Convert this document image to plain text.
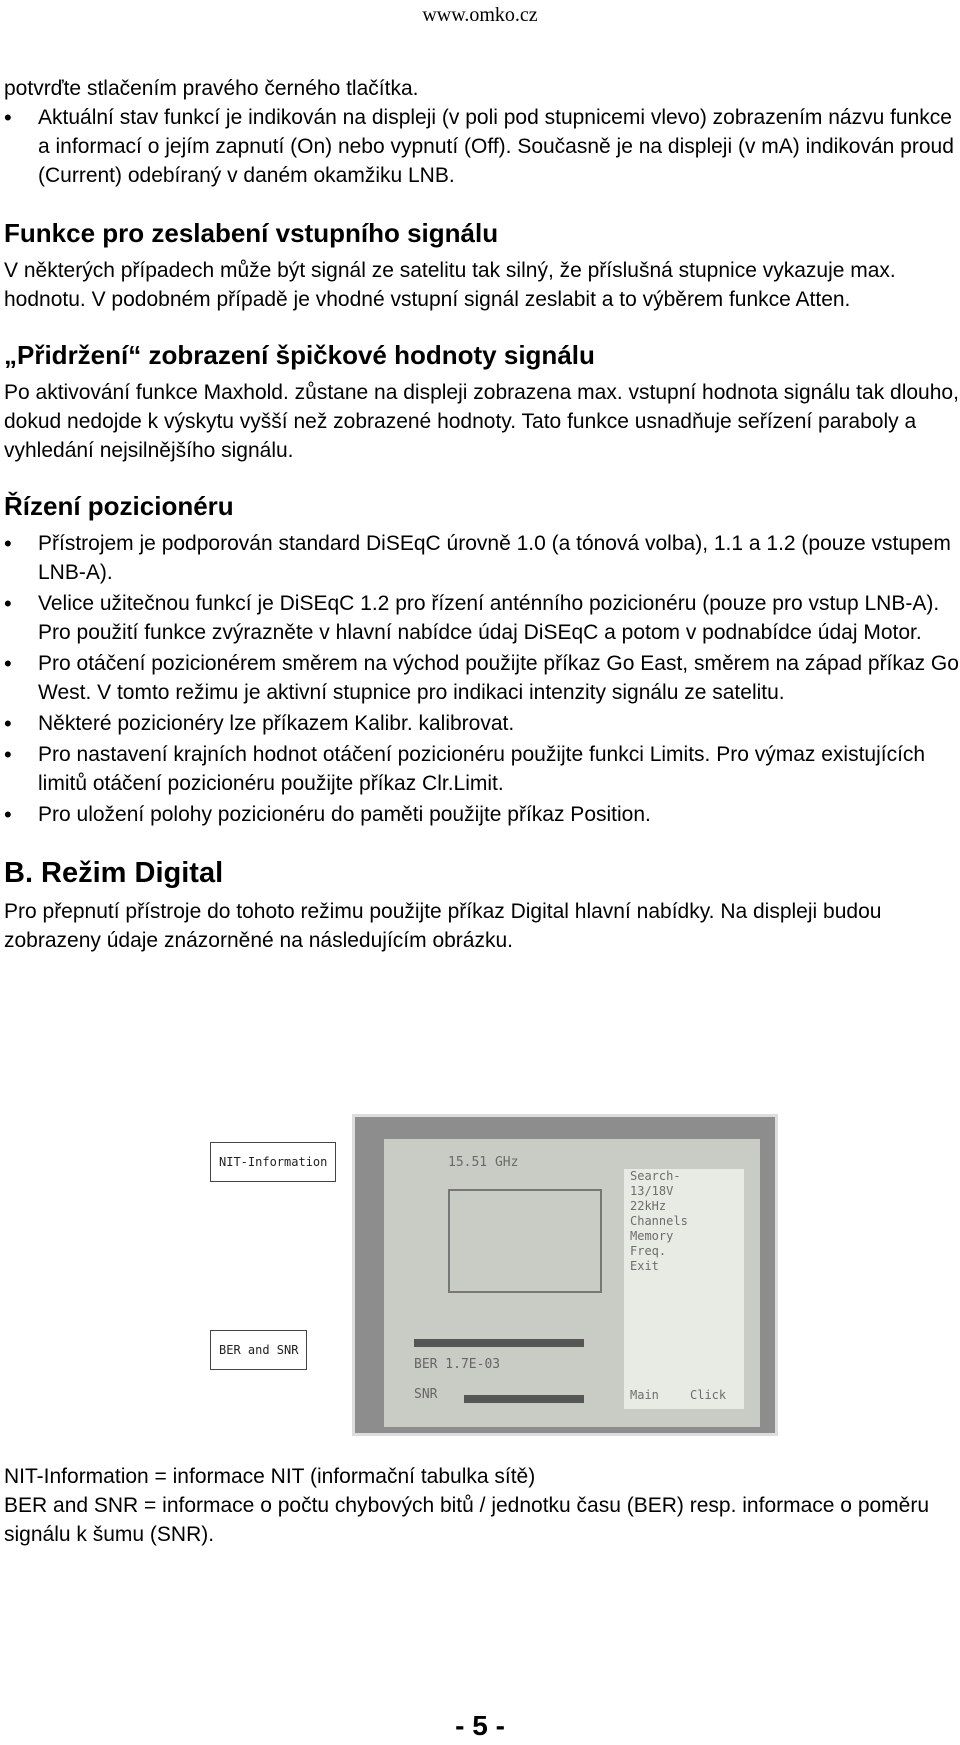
www.omko.cz

potvrďte stlačením pravého černého tlačítka.

• Aktuální stav funkcí je indikován na displeji (v poli pod stupnicemi vlevo) zobrazením názvu funkce a informací o jejím zapnutí (On) nebo vypnutí (Off). Současně je na displeji (v mA) indikován proud (Current) odebíraný v daném okamžiku LNB.
Funkce pro zeslabení vstupního signálu

V některých případech může být signál ze satelitu tak silný, že příslušná stupnice vykazuje max. hodnotu. V podobném případě je vhodné vstupní signál zeslabit a to výběrem funkce Atten.

„Přidržení“ zobrazení špičkové hodnoty signálu

Po aktivování funkce Maxhold. zůstane na displeji zobrazena max. vstupní hodnota signálu tak dlouho, dokud nedojde k výskytu vyšší než zobrazené hodnoty. Tato funkce usnadňuje seřízení paraboly a vyhledání nejsilnějšího signálu.

Řízení pozicionéru
• Přístrojem je podporován standard DiSEqC úrovně 1.0 (a tónová volba), 1.1 a 1.2 (pouze vstupem LNB-A).
• Velice užitečnou funkcí je DiSEqC 1.2 pro řízení anténního pozicionéru (pouze pro vstup LNB-A). Pro použití funkce zvýrazněte v hlavní nabídce údaj DiSEqC a potom v podnabídce údaj Motor.
• Pro otáčení pozicionérem směrem na východ použijte příkaz Go East, směrem na západ příkaz Go West. V tomto režimu je aktivní stupnice pro indikaci intenzity signálu ze satelitu.
• Některé pozicionéry lze příkazem Kalibr. kalibrovat.
• Pro nastavení krajních hodnot otáčení pozicionéru použijte funkci Limits. Pro výmaz existujících limitů otáčení pozicionéru použijte příkaz Clr.Limit.
• Pro uložení polohy pozicionéru do paměti použijte příkaz Position.
B. Režim Digital

Pro přepnutí přístroje do tohoto režimu použijte příkaz Digital hlavní nabídky. Na displeji budou zobrazeny údaje znázorněné na následujícím obrázku.

15.51 GHz
BER 1.7E-03
SNR
Search-
13/18V
22kHz
Channels
Memory
Freq.
Exit
Main	Click
NIT-Information
BER and SNR

NIT-Information = informace NIT (informační tabulka sítě)

BER and SNR = informace o počtu chybových bitů / jednotku času (BER) resp. informace o poměru signálu k šumu (SNR).

- 5 -
